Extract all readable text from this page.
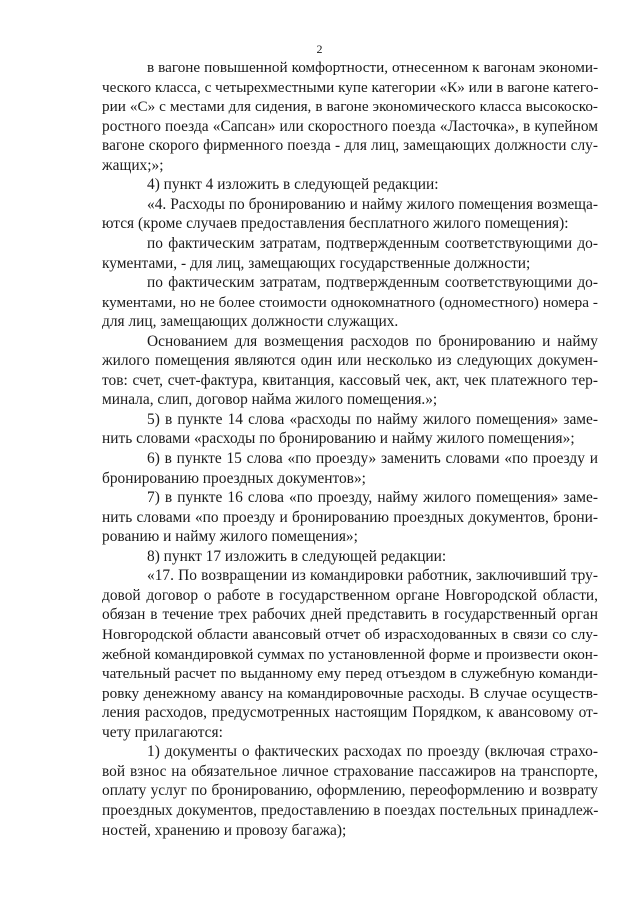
2
в вагоне повышенной комфортности, отнесенном к вагонам экономи-
ческого класса, с четырехместными купе категории «К» или в вагоне катего-
рии «С» с местами для сидения, в вагоне экономического класса высокоско-
ростного поезда «Сапсан» или скоростного поезда «Ласточка», в купейном
вагоне скорого фирменного поезда - для лиц, замещающих должности слу-
жащих;»;
4) пункт 4 изложить в следующей редакции:
«4. Расходы по бронированию и найму жилого помещения возмеща-
ются (кроме случаев предоставления бесплатного жилого помещения):
по фактическим затратам, подтвержденным соответствующими до-
кументами, - для лиц, замещающих государственные должности;
по фактическим затратам, подтвержденным соответствующими до-
кументами, но не более стоимости однокомнатного (одноместного) номера -
для лиц, замещающих должности служащих.
Основанием для возмещения расходов по бронированию и найму
жилого помещения являются один или несколько из следующих докумен-
тов: счет, счет-фактура, квитанция, кассовый чек, акт, чек платежного тер-
минала, слип, договор найма жилого помещения.»;
5) в пункте 14 слова «расходы по найму жилого помещения» заме-
нить словами «расходы по бронированию и найму жилого помещения»;
6) в пункте 15 слова «по проезду» заменить словами «по проезду и
бронированию проездных документов»;
7) в пункте 16 слова «по проезду, найму жилого помещения» заме-
нить словами «по проезду и бронированию проездных документов, брони-
рованию и найму жилого помещения»;
8) пункт 17 изложить в следующей редакции:
«17. По возвращении из командировки работник, заключивший тру-
довой договор о работе в государственном органе Новгородской области,
обязан в течение трех рабочих дней представить в государственный орган
Новгородской области авансовый отчет об израсходованных в связи со слу-
жебной командировкой суммах по установленной форме и произвести окон-
чательный расчет по выданному ему перед отъездом в служебную команди-
ровку денежному авансу на командировочные расходы. В случае осуществ-
ления расходов, предусмотренных настоящим Порядком, к авансовому от-
чету прилагаются:
1) документы о фактических расходах по проезду (включая страхо-
вой взнос на обязательное личное страхование пассажиров на транспорте,
оплату услуг по бронированию, оформлению, переоформлению и возврату
проездных документов, предоставлению в поездах постельных принадлеж-
ностей, хранению и провозу багажа);
